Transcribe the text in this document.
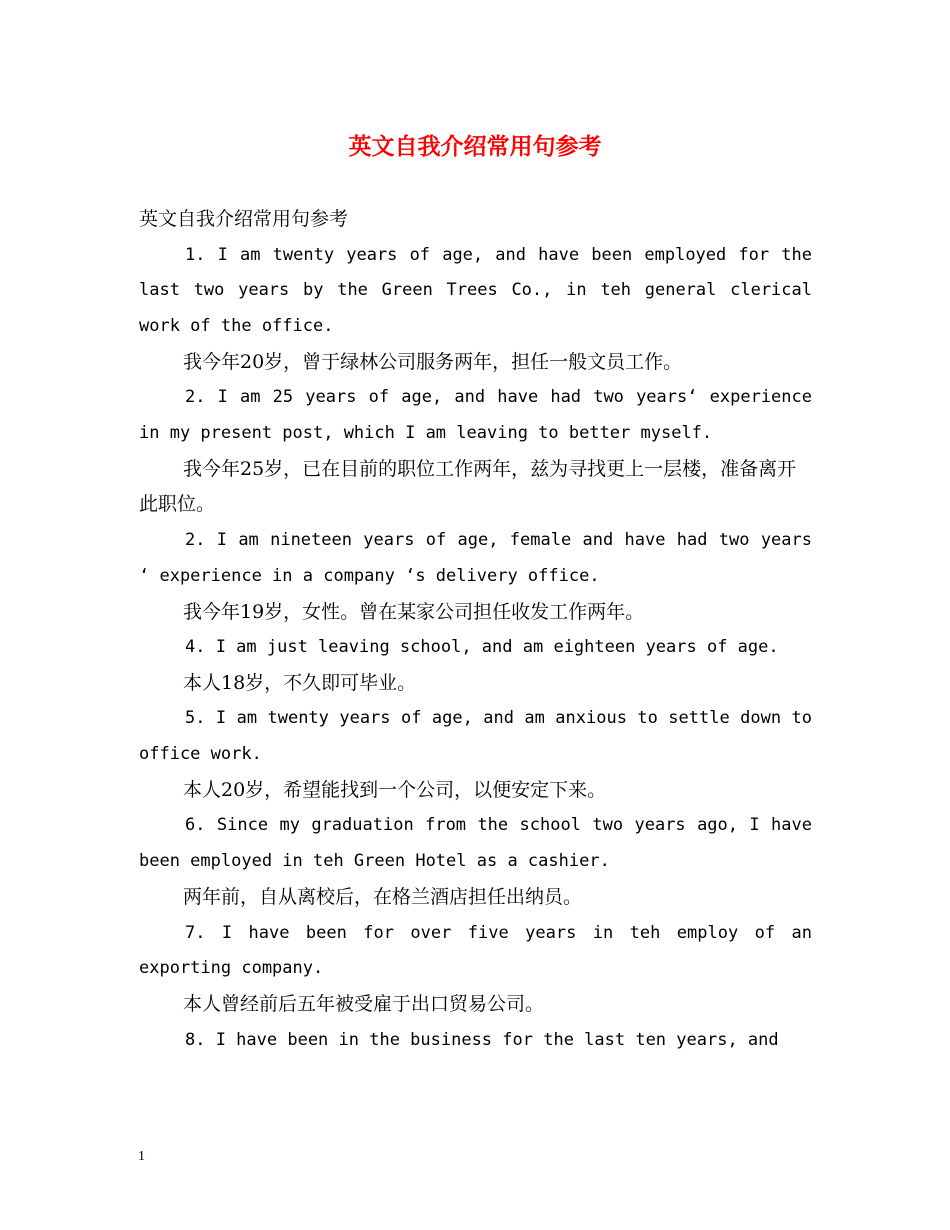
英文自我介绍常用句参考

英文自我介绍常用句参考

1. I am twenty years of age, and have been employed for the last two years by the Green Trees Co., in teh general clerical work of the office.

我今年20岁，曾于绿林公司服务两年，担任一般文员工作。

2. I am 25 years of age, and have had two years‘ experience in my present post, which I am leaving to better myself.

我今年25岁，已在目前的职位工作两年，兹为寻找更上一层楼，准备离开此职位。

2. I am nineteen years of age, female and have had two years ‘ experience in a company ‘s delivery office.

我今年19岁，女性。曾在某家公司担任收发工作两年。

4. I am just leaving school, and am eighteen years of age.

本人18岁，不久即可毕业。

5. I am twenty years of age, and am anxious to settle down to office work.

本人20岁，希望能找到一个公司，以便安定下来。

6. Since my graduation from the school two years ago, I have been employed in teh Green Hotel as a cashier.

两年前，自从离校后，在格兰酒店担任出纳员。

7. I have been for over five years in teh employ of an exporting company.

本人曾经前后五年被受雇于出口贸易公司。

8. I have been in the business for the last ten years, and

1
